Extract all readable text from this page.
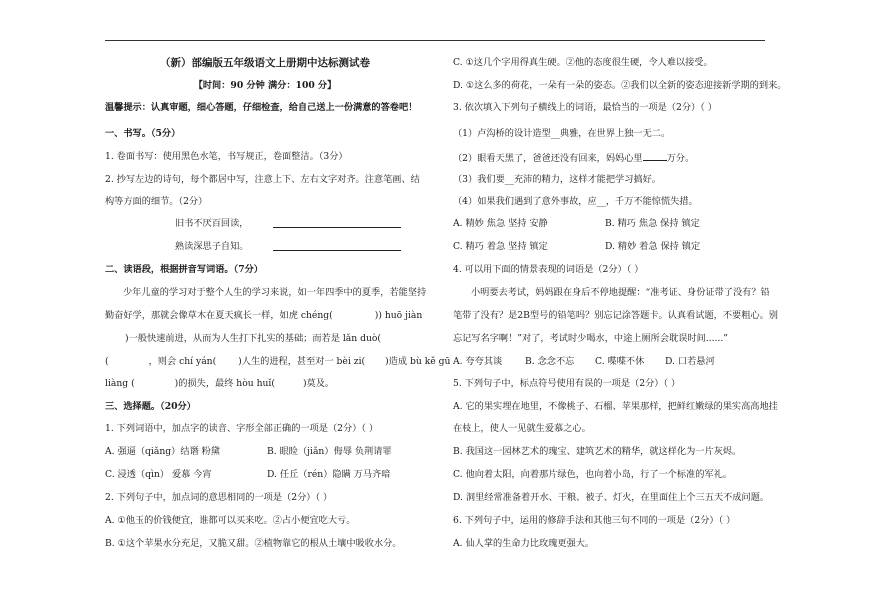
（新）部编版五年级语文上册期中达标测试卷
【时间：90 分钟 满分：100 分】
温馨提示：认真审题，细心答题，仔细检查，给自己送上一份满意的答卷吧！
一、书写。（5分）
1. 卷面书写：使用黑色水笔，书写规正，卷面整洁。（3分）
2. 抄写左边的诗句，每个都居中写，注意上下、左右文字对齐。注意笔画、结
构等方面的细节。（2分）
旧书不厌百回读，
熟读深思子自知。
二、读语段，根据拼音写词语。（7分）
少年儿童的学习对于整个人生的学习来说，如一年四季中的夏季，若能坚持
勤奋好学，那就会像草木在夏天疯长一样，如虎 chéng(	)) huō jiàn
)一般快速前进，从而为人生打下扎实的基础；而若是 lǎn duò(
(	，则会 chí yán( )人生的进程，甚至对一 bèi zi( )造成 bù kě gū
liàng (	)的损失，最终 hòu huǐ(	)莫及。
三、选择题。（20分）
1. 下列词语中，加点字的读音、字形全部正确的一项是（2分）（ ）
A. 强逼（qiǎng）结谮 粉黛	B. 眼睑（jiǎn）侮辱 负荆请罪
C. 浸透（qìn） 爱慕 今宵	D. 任丘（rén）隐瞒 万马齐喑
2. 下列句子中，加点词的意思相同的一项是（2分）（ ）
A. ①他玉的价钱便宜，谁都可以买来吃。②占小便宜吃大亏。
B. ①这个苹果水分充足，又脆又甜。②植物靠它的根从土壤中吸收水分。
C. ①这几个字用得真生硬。②他的态度很生硬，令人难以接受。
D. ①这么多的荷花，一朵有一朵的姿态。②我们以全新的姿态迎接新学期的到来。
3. 依次填入下列句子横线上的词语，最恰当的一项是（2分）（ ）
（1）卢沟桥的设计造型__典雅，在世界上独一无二。
（2）眼看天黑了，爸爸还没有回来，妈妈心里	万分。
（3）我们要__充沛的精力，这样才能把学习搞好。
（4）如果我们遇到了意外事故，应__，千万不能惊慌失措。
A. 精妙 焦急 坚持 安静	B. 精巧 焦急 保持 镇定
C. 精巧 着急 坚持 镇定	D. 精妙 着急 保持 镇定
4. 可以用下面的情景表现的词语是（2分）（ ）
小明要去考试，妈妈跟在身后不停地提醒：“准考证、身份证带了没有？铅
笔带了没有？是2B型号的铅笔吗？别忘记涂答题卡。认真看试题，不要粗心。别
忘记写名字啊！”对了，考试时少喝水，中途上厕所会耽误时间......”
A. 夸夸其谈 B. 念念不忘 C. 喋喋不休 D. 口若悬河
5. 下列句子中，标点符号使用有误的一项是（2分）（ ）
A. 它的果实埋在地里，不像桃子、石榴、苹果那样，把鲜红嫩绿的果实高高地挂
在枝上，使人一见就生爱慕之心。
B. 我国这一园林艺术的瑰宝、建筑艺术的精华，就这样化为一片灰烬。
C. 他向着太阳，向着那片绿色，也向着小岛，行了一个标准的军礼。
D. 洞里经常准备着开水、干粮、被子、灯火，在里面住上个三五天不成问题。
6. 下列句子中，运用的修辞手法和其他三句不同的一项是（2分）（ ）
A. 仙人掌的生命力比玫瑰更强大。
